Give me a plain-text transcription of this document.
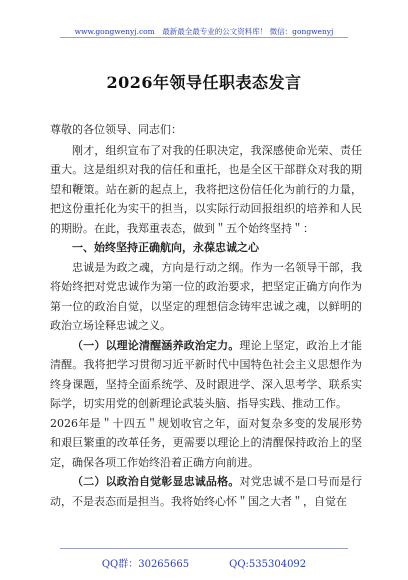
www.gongwenyj.com　最新最全最专业的公文资料库！ 微信：gongwenyj
2026年领导任职表态发言

尊敬的各位领导、同志们：

刚才，组织宣布了对我的任职决定，我深感使命光荣、责任重大。这是组织对我的信任和重托，也是全区干部群众对我的期望和鞭策。站在新的起点上，我将把这份信任化为前行的力量，把这份重托化为实干的担当，以实际行动回报组织的培养和人民的期盼。在此，我郑重表态，做到＂五个始终坚持＂：

一、始终坚持正确航向，永葆忠诚之心

忠诚是为政之魂，方向是行动之纲。作为一名领导干部，我将始终把对党忠诚作为第一位的政治要求，把坚定正确方向作为第一位的政治自觉，以坚定的理想信念铸牢忠诚之魂，以鲜明的政治立场诠释忠诚之义。

（一）以理论清醒涵养政治定力。理论上坚定，政治上才能清醒。我将把学习贯彻习近平新时代中国特色社会主义思想作为终身课题，坚持全面系统学、及时跟进学、深入思考学、联系实际学，切实用党的创新理论武装头脑、指导实践、推动工作。

2026年是＂十四五＂规划收官之年，面对复杂多变的发展形势和艰巨繁重的改革任务，更需要以理论上的清醒保持政治上的坚定，确保各项工作始终沿着正确方向前进。

（二）以政治自觉彰显忠诚品格。对党忠诚不是口号而是行动，不是表态而是担当。我将始终心怀＂国之大者＂，自觉在

QQ群：30265665	QQ:535304092
